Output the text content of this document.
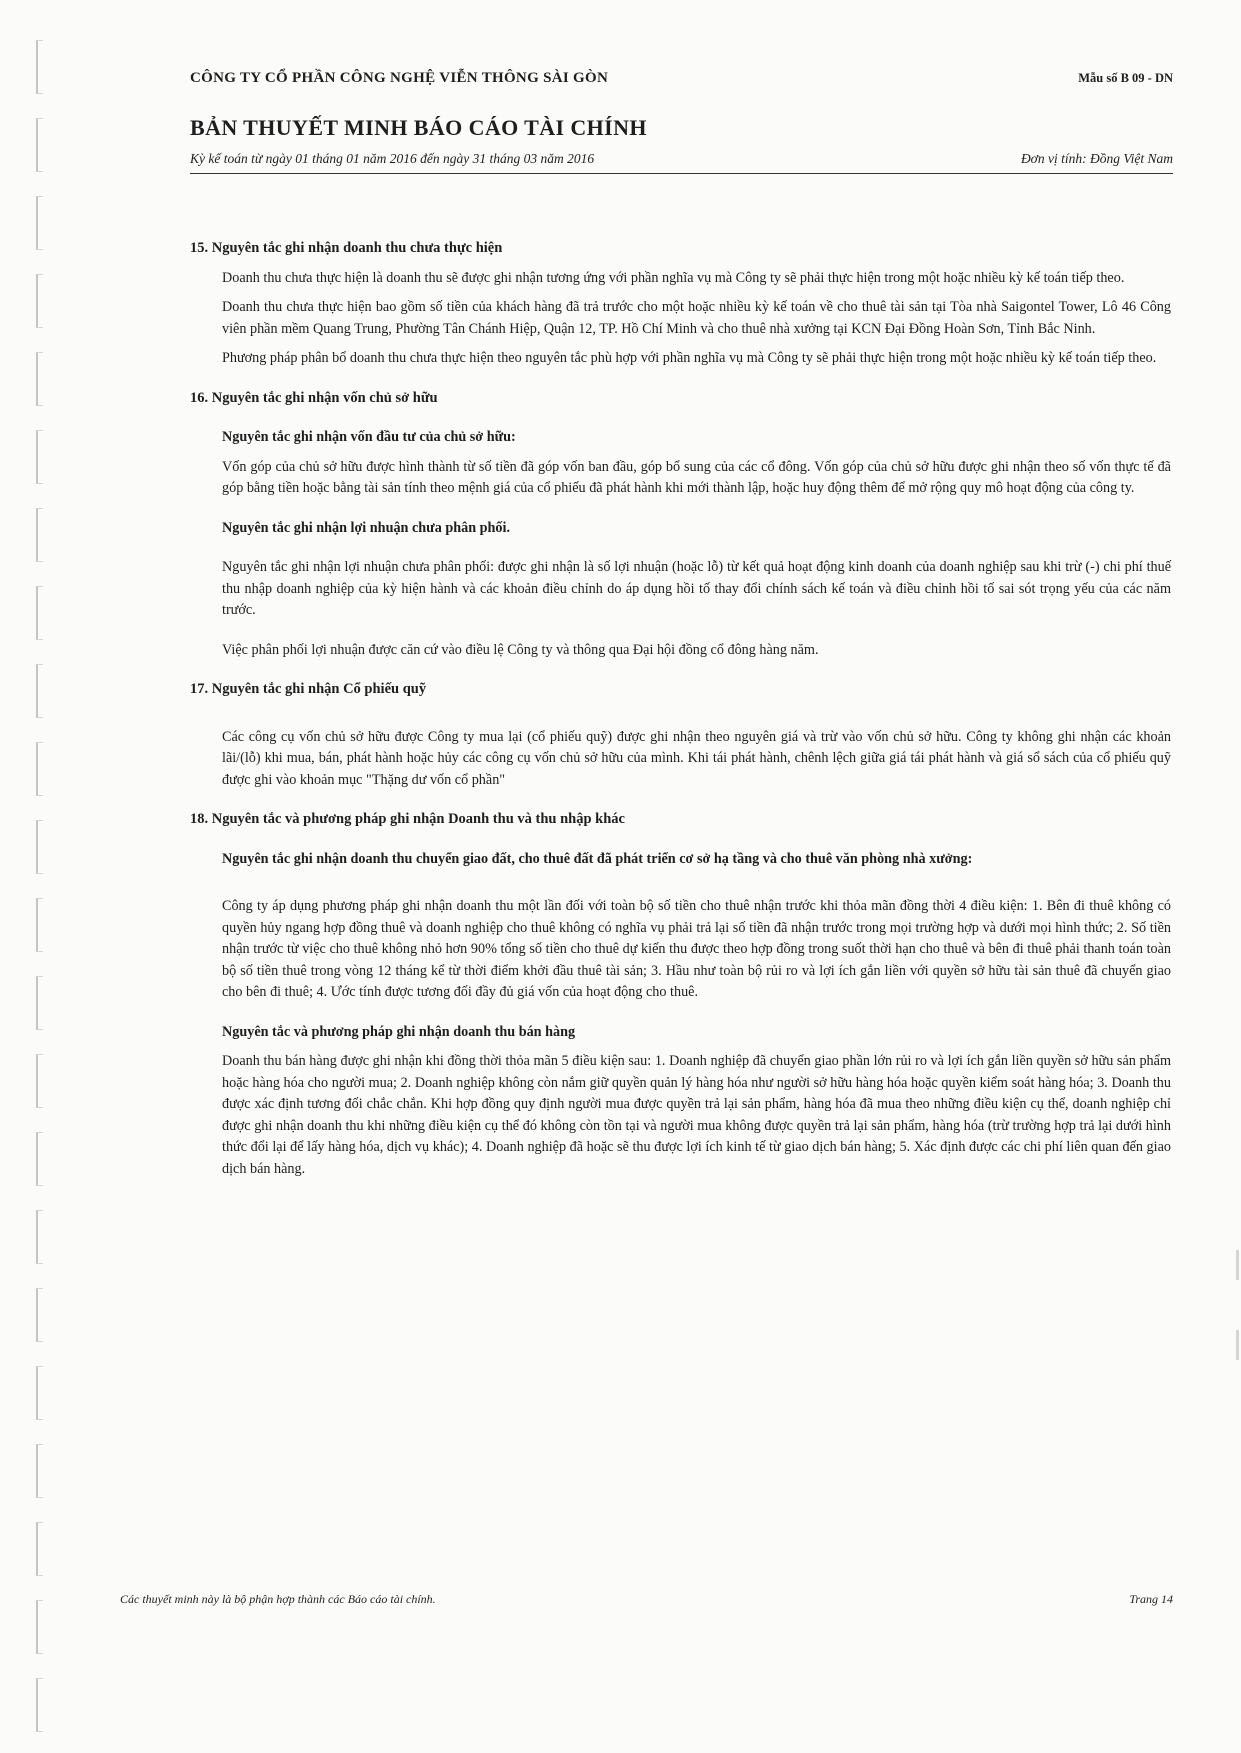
CÔNG TY CỔ PHẦN CÔNG NGHỆ VIỄN THÔNG SÀI GÒN	Mẫu số B 09 - DN
BẢN THUYẾT MINH BÁO CÁO TÀI CHÍNH
Kỳ kế toán từ ngày 01 tháng 01 năm 2016 đến ngày 31 tháng 03 năm 2016	Đơn vị tính: Đồng Việt Nam
15. Nguyên tắc ghi nhận doanh thu chưa thực hiện
Doanh thu chưa thực hiện là doanh thu sẽ được ghi nhận tương ứng với phần nghĩa vụ mà Công ty sẽ phải thực hiện trong một hoặc nhiều kỳ kế toán tiếp theo.
Doanh thu chưa thực hiện bao gồm số tiền của khách hàng đã trả trước cho một hoặc nhiều kỳ kế toán về cho thuê tài sản tại Tòa nhà Saigontel Tower, Lô 46 Công viên phần mềm Quang Trung, Phường Tân Chánh Hiệp, Quận 12, TP. Hồ Chí Minh và cho thuê nhà xưởng tại KCN Đại Đồng Hoàn Sơn, Tỉnh Bắc Ninh.
Phương pháp phân bổ doanh thu chưa thực hiện theo nguyên tắc phù hợp với phần nghĩa vụ mà Công ty sẽ phải thực hiện trong một hoặc nhiều kỳ kế toán tiếp theo.
16. Nguyên tắc ghi nhận vốn chủ sở hữu
Nguyên tắc ghi nhận vốn đầu tư của chủ sở hữu:
Vốn góp của chủ sở hữu được hình thành từ số tiền đã góp vốn ban đầu, góp bổ sung của các cổ đông. Vốn góp của chủ sở hữu được ghi nhận theo số vốn thực tế đã góp bằng tiền hoặc bằng tài sản tính theo mệnh giá của cổ phiếu đã phát hành khi mới thành lập, hoặc huy động thêm để mở rộng quy mô hoạt động của công ty.
Nguyên tắc ghi nhận lợi nhuận chưa phân phối.
Nguyên tắc ghi nhận lợi nhuận chưa phân phối: được ghi nhận là số lợi nhuận (hoặc lỗ) từ kết quả hoạt động kinh doanh của doanh nghiệp sau khi trừ (-) chi phí thuế thu nhập doanh nghiệp của kỳ hiện hành và các khoản điều chỉnh do áp dụng hồi tố thay đổi chính sách kế toán và điều chỉnh hồi tố sai sót trọng yếu của các năm trước.
Việc phân phối lợi nhuận được căn cứ vào điều lệ Công ty và thông qua Đại hội đồng cổ đông hàng năm.
17. Nguyên tắc ghi nhận Cổ phiếu quỹ
Các công cụ vốn chủ sở hữu được Công ty mua lại (cổ phiếu quỹ) được ghi nhận theo nguyên giá và trừ vào vốn chủ sở hữu. Công ty không ghi nhận các khoản lãi/(lỗ) khi mua, bán, phát hành hoặc hủy các công cụ vốn chủ sở hữu của mình. Khi tái phát hành, chênh lệch giữa giá tái phát hành và giá sổ sách của cổ phiếu quỹ được ghi vào khoản mục "Thặng dư vốn cổ phần"
18. Nguyên tắc và phương pháp ghi nhận Doanh thu và thu nhập khác
Nguyên tắc ghi nhận doanh thu chuyển giao đất, cho thuê đất đã phát triển cơ sở hạ tầng và cho thuê văn phòng nhà xưởng:
Công ty áp dụng phương pháp ghi nhận doanh thu một lần đối với toàn bộ số tiền cho thuê nhận trước khi thỏa mãn đồng thời 4 điều kiện: 1. Bên đi thuê không có quyền hủy ngang hợp đồng thuê và doanh nghiệp cho thuê không có nghĩa vụ phải trả lại số tiền đã nhận trước trong mọi trường hợp và dưới mọi hình thức; 2. Số tiền nhận trước từ việc cho thuê không nhỏ hơn 90% tổng số tiền cho thuê dự kiến thu được theo hợp đồng trong suốt thời hạn cho thuê và bên đi thuê phải thanh toán toàn bộ số tiền thuê trong vòng 12 tháng kể từ thời điểm khởi đầu thuê tài sản; 3. Hầu như toàn bộ rủi ro và lợi ích gắn liền với quyền sở hữu tài sản thuê đã chuyển giao cho bên đi thuê; 4. Ước tính được tương đối đầy đủ giá vốn của hoạt động cho thuê.
Nguyên tắc và phương pháp ghi nhận doanh thu bán hàng
Doanh thu bán hàng được ghi nhận khi đồng thời thỏa mãn 5 điều kiện sau: 1. Doanh nghiệp đã chuyển giao phần lớn rủi ro và lợi ích gắn liền quyền sở hữu sản phẩm hoặc hàng hóa cho người mua; 2. Doanh nghiệp không còn nắm giữ quyền quản lý hàng hóa như người sở hữu hàng hóa hoặc quyền kiểm soát hàng hóa; 3. Doanh thu được xác định tương đối chắc chắn. Khi hợp đồng quy định người mua được quyền trả lại sản phẩm, hàng hóa đã mua theo những điều kiện cụ thể, doanh nghiệp chỉ được ghi nhận doanh thu khi những điều kiện cụ thể đó không còn tồn tại và người mua không được quyền trả lại sản phẩm, hàng hóa (trừ trường hợp trả lại dưới hình thức đổi lại để lấy hàng hóa, dịch vụ khác); 4. Doanh nghiệp đã hoặc sẽ thu được lợi ích kinh tế từ giao dịch bán hàng; 5. Xác định được các chi phí liên quan đến giao dịch bán hàng.
Các thuyết minh này là bộ phận hợp thành các Báo cáo tài chính.	Trang 14
